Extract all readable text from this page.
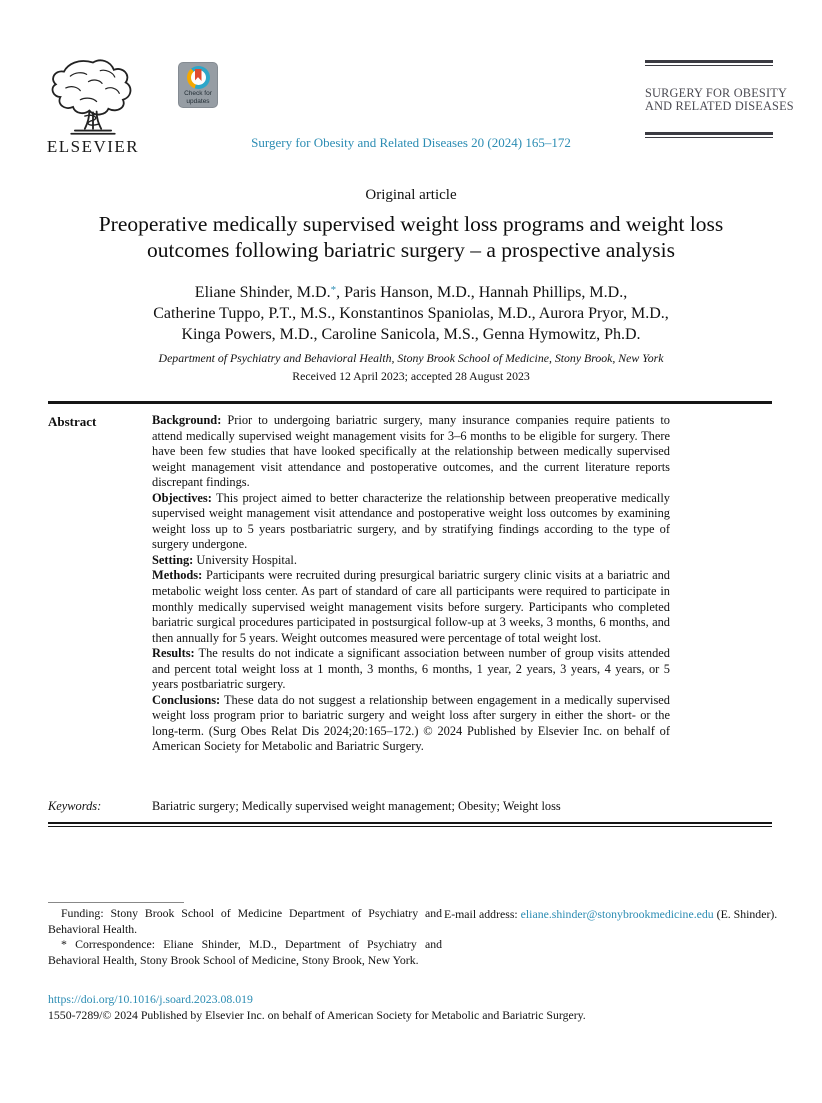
ELSEVIER
Check for
updates
Surgery for Obesity and Related Diseases 20 (2024) 165–172
SURGERY FOR OBESITY
AND RELATED DISEASES
Original article
Preoperative medically supervised weight loss programs and weight loss outcomes following bariatric surgery – a prospective analysis
Eliane Shinder, M.D.*, Paris Hanson, M.D., Hannah Phillips, M.D.,
Catherine Tuppo, P.T., M.S., Konstantinos Spaniolas, M.D., Aurora Pryor, M.D.,
Kinga Powers, M.D., Caroline Sanicola, M.S., Genna Hymowitz, Ph.D.
Department of Psychiatry and Behavioral Health, Stony Brook School of Medicine, Stony Brook, New York
Received 12 April 2023; accepted 28 August 2023
Abstract	Background: Prior to undergoing bariatric surgery, many insurance companies require patients to attend medically supervised weight management visits for 3–6 months to be eligible for surgery. There have been few studies that have looked specifically at the relationship between medically supervised weight management visit attendance and postoperative outcomes, and the current literature reports discrepant findings.

Objectives: This project aimed to better characterize the relationship between preoperative medically supervised weight management visit attendance and postoperative weight loss outcomes by examining weight loss up to 5 years postbariatric surgery, and by stratifying findings according to the type of surgery undergone.

Setting: University Hospital.

Methods: Participants were recruited during presurgical bariatric surgery clinic visits at a bariatric and metabolic weight loss center. As part of standard of care all participants were required to participate in monthly medically supervised weight management visits before surgery. Participants who completed bariatric surgical procedures participated in postsurgical follow-up at 3 weeks, 3 months, 6 months, and then annually for 5 years. Weight outcomes measured were percentage of total weight lost.

Results: The results do not indicate a significant association between number of group visits attended and percent total weight loss at 1 month, 3 months, 6 months, 1 year, 2 years, 3 years, 4 years, or 5 years postbariatric surgery.

Conclusions: These data do not suggest a relationship between engagement in a medically supervised weight loss program prior to bariatric surgery and weight loss after surgery in either the short- or the long-term. (Surg Obes Relat Dis 2024;20:165–172.) © 2024 Published by Elsevier Inc. on behalf of American Society for Metabolic and Bariatric Surgery.

Keywords:	Bariatric surgery; Medically supervised weight management; Obesity; Weight loss

Funding: Stony Brook School of Medicine Department of Psychiatry and Behavioral Health.

* Correspondence: Eliane Shinder, M.D., Department of Psychiatry and Behavioral Health, Stony Brook School of Medicine, Stony Brook, New York.

E-mail address: eliane.shinder@stonybrookmedicine.edu (E. Shinder).
https://doi.org/10.1016/j.soard.2023.08.019
1550-7289/© 2024 Published by Elsevier Inc. on behalf of American Society for Metabolic and Bariatric Surgery.
